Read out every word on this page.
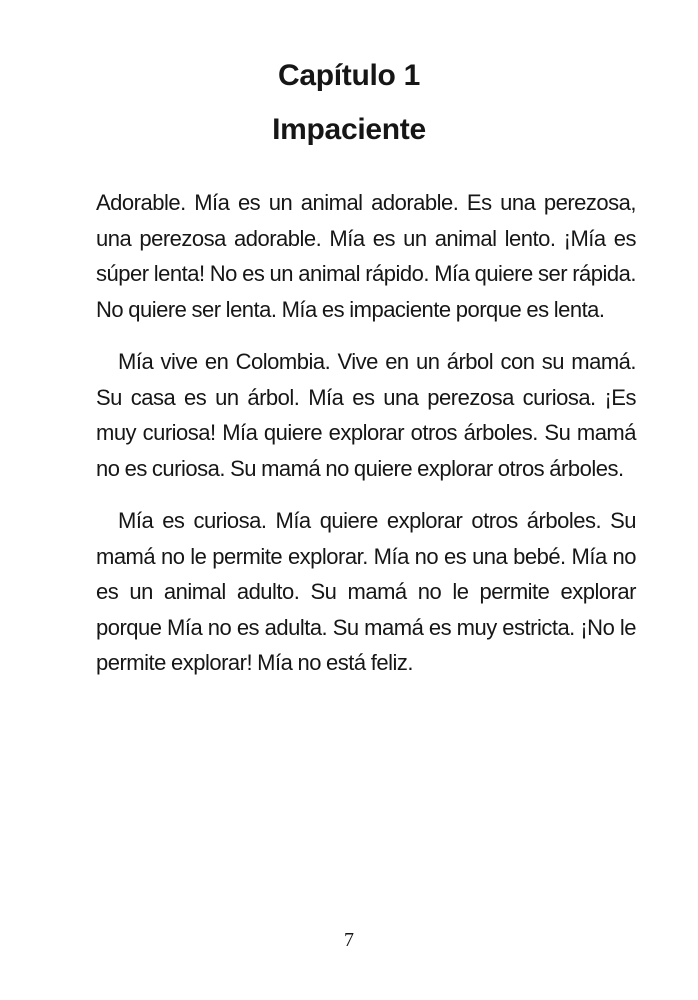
Capítulo 1
Impaciente

Adorable. Mía es un animal adorable. Es una perezosa, una perezosa adorable. Mía es un animal lento. ¡Mía es súper lenta! No es un animal rápido. Mía quiere ser rápida. No quiere ser lenta. Mía es impaciente porque es lenta.

Mía vive en Colombia. Vive en un árbol con su mamá. Su casa es un árbol. Mía es una perezosa curiosa. ¡Es muy curiosa! Mía quiere explorar otros árboles. Su mamá no es curiosa. Su mamá no quiere explorar otros árboles.

Mía es curiosa. Mía quiere explorar otros árboles. Su mamá no le permite explorar. Mía no es una bebé. Mía no es un animal adulto. Su mamá no le permite explorar porque Mía no es adulta. Su mamá es muy estricta. ¡No le permite explorar! Mía no está feliz.

7
